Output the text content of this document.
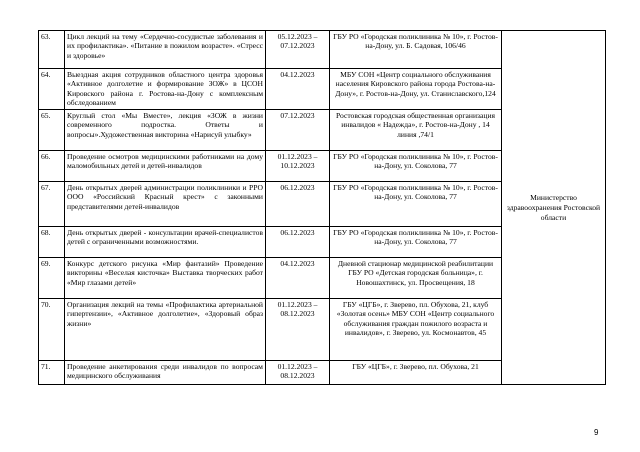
63.	Цикл лекций на тему «Сердечно-сосудистые заболевания и их профилактика». «Питание в пожилом возрасте». «Стресс и здоровье»	05.12.2023 – 07.12.2023	ГБУ РО «Городская поликлиника № 10», г. Ростов-на-Дону, ул. Б. Садовая, 106/46	Министерство здравоохранения Ростовской области
64.	Выездная акция сотрудников областного центра здоровья «Активное долголетие и формирование ЗОЖ» в ЦСОН Кировского района г. Ростова-на-Дону с комплексным обследованием	04.12.2023	МБУ СОН «Центр социального обслуживания населения Кировского района города Ростова-на-Дону», г. Ростов-на-Дону, ул. Станиславского,124	
65.	Круглый стол «Мы Вместе», лекция «ЗОЖ в жизни современного подростка. Ответы и вопросы».Художественная викторина «Нарисуй улыбку»	07.12.2023	Ростовская городская общественная организация инвалидов « Надежда», г. Ростов-на-Дону , 14 линия ,74/1	
66.	Проведение осмотров медицинскими работниками на дому маломобильных детей и детей-инвалидов	01.12.2023 – 10.12.2023	ГБУ РО «Городская поликлиника № 10», г. Ростов-на-Дону, ул. Соколова, 77	
67.	День открытых дверей администрации поликлиники и РРО ООО «Российский Красный крест» с законными представителями детей-инвалидов	06.12.2023	ГБУ РО «Городская поликлиника № 10», г. Ростов-на-Дону, ул. Соколова, 77	
68.	День открытых дверей - консультации врачей-специалистов детей с ограниченными возможностями.	06.12.2023	ГБУ РО «Городская поликлиника № 10», г. Ростов-на-Дону, ул. Соколова, 77	
69.	Конкурс детского рисунка «Мир фантазий» Проведение викторины «Веселая кисточка» Выставка творческих работ «Мир глазами детей»	04.12.2023	Дневной стационар медицинской реабилитации ГБУ РО «Детская городская больница», г. Новошахтинск, ул. Просвещения, 18	
70.	Организация лекций на темы «Профилактика артериальной гипертензии», «Активное долголетие», «Здоровый образ жизни»	01.12.2023 – 08.12.2023	ГБУ «ЦГБ», г. Зверево, пл. Обухова, 21, клуб «Золотая осень» МБУ СОН «Центр социального обслуживания граждан пожилого возраста и инвалидов», г. Зверево, ул. Космонавтов, 45	
71.	Проведение анкетирования среди инвалидов по вопросам медицинского обслуживания	01.12.2023 – 08.12.2023	ГБУ «ЦГБ», г. Зверево, пл. Обухова, 21	
9
